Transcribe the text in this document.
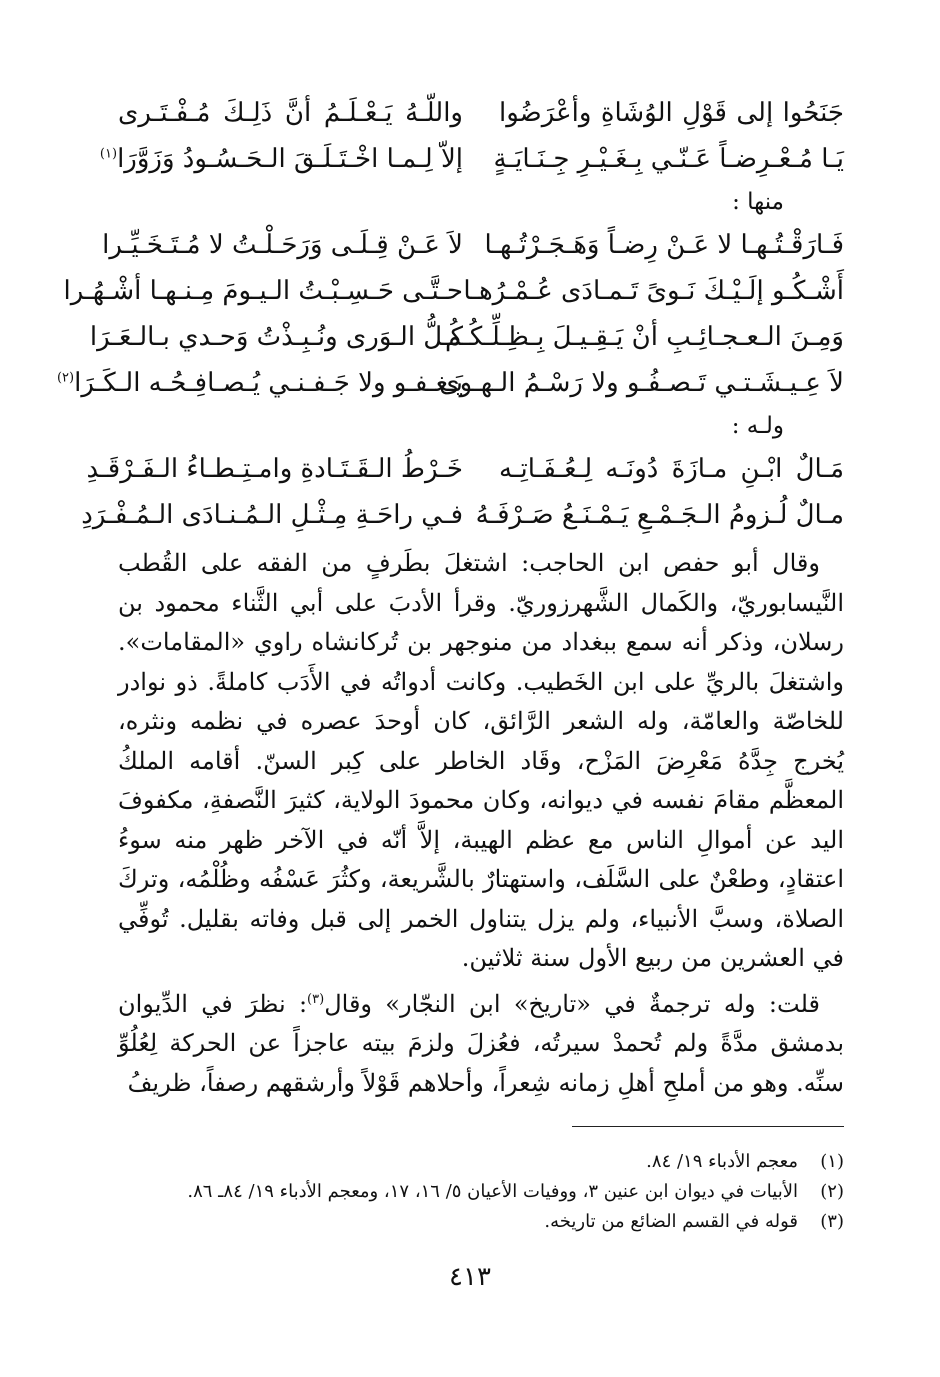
جَنَحُوا إلى قَوْلِ الوُشَاةِ وأعْرَضُوا
واللّـهُ يَـعْـلَـمُ أنَّ ذَلِـكَ مُـفْـتَـرى
يَـا مُـعْـرِضـاً عَـنّـي بِـغَـيْـرِ جِـنَـايَـةٍ
إلاّ لِـمـا اخْـتَـلَـقَ الـحَـسُـودُ وَزَوَّرَا$^{(١)}$
منها :
فَـارَقْـتُـهـا لا عَـنْ رِضـاً وَهَـجَـرْتُـهـا
لاَ عَـنْ قِـلَـى وَرَحَـلْـتُ لا مُـتَـخَـيِّـرا
أَشْـكُـو إلَـيْـكَ نَـوىً تَـمـادَى عُـمْـرُهـا
حـتَّـى حَـسِـبْـتُ الـيـومَ مِـنـهـا أشْـهُـرا
وَمِـنَ الـعـجـائِـبِ أنْ يَـقِـيـلَ بِـظِـلِّـكُـم
كُـلُّ الـوَرى ونُـبِـذْتُ وَحـدي بـالـعَـرَا
لاَ عِـيـشَـتـي تَـصـفُـو ولا رَسْـمُ الـهـوى
يَـغـفـو ولا جَـفـنـي يُـصـافِـحُـه الـكَـرَا$^{(٢)}$
ولـه :
مَـالٌ ابْـنِ مـازَةَ دُونَـه لِـعُـفَـاتِـه
خَـرْطُ الـقَـتَـادةِ وامـتِـطـاءُ الـفَـرْقَـدِ
مـالٌ لُـزومُ الـجَـمْـعِ يَـمْـنَـعُ صَـرْفَـهُ
فـي راحَـةِ مِـثْـلِ الـمُـنـادَى الـمُـفْـرَدِ

وقال أبو حفص ابن الحاجب: اشتغلَ بطَرفٍ من الفقه على القُطب النَّيسابوريّ، والكَمال الشَّهرزوريّ. وقرأ الأدبَ على أبي الثَّناء محمود بن رسلان، وذكر أنه سمع ببغداد من منوجهر بن تُركانشاه راوي «المقامات». واشتغلَ بالريِّ على ابن الخَطيب. وكانت أدواتُه في الأَدَب كاملةً. ذو نوادر للخاصّة والعامّة، وله الشعر الرَّائق، كان أوحدَ عصره في نظمه ونثره، يُخرج جِدَّهُ مَعْرِضَ المَزْح، وقَاد الخاطر على كِبر السنّ. أقامه الملكُ المعظَّم مقامَ نفسه في ديوانه، وكان محمودَ الولاية، كثيرَ النَّصفةِ، مكفوفَ اليد عن أموالِ الناس مع عظم الهيبة، إلاَّ أنّه في الآخر ظهر منه سوءُ اعتقادٍ، وطعْنٌ على السَّلَف، واستهتارٌ بالشَّريعة، وكثُرَ عَسْفُه وظُلْمُه، وتركَ الصلاة، وسبَّ الأنبياء، ولم يزل يتناول الخمر إلى قبل وفاته بقليل. تُوفِّي في العشرين من ربيع الأول سنة ثلاثين.

قلت: وله ترجمةٌ في «تاريخ» ابن النجّار» وقال$^{(٣)}$: نظرَ في الدِّيوان بدمشق مدَّةً ولم تُحمدْ سيرتُه، فعُزلَ ولزمَ بيته عاجزاً عن الحركة لِعُلُوِّ سنِّه. وهو من أملحِ أهلِ زمانه شِعراً، وأحلاهم قَوْلاً وأرشقهم رصفاً، ظريفُ

(١)
معجم الأدباء ١٩/ ٨٤.
(٢)
الأبيات في ديوان ابن عنين ٣، ووفيات الأعيان ٥/ ١٦، ١٧، ومعجم الأدباء ١٩/ ٨٤ـ ٨٦.
(٣)
قوله في القسم الضائع من تاريخه.
٤١٣
